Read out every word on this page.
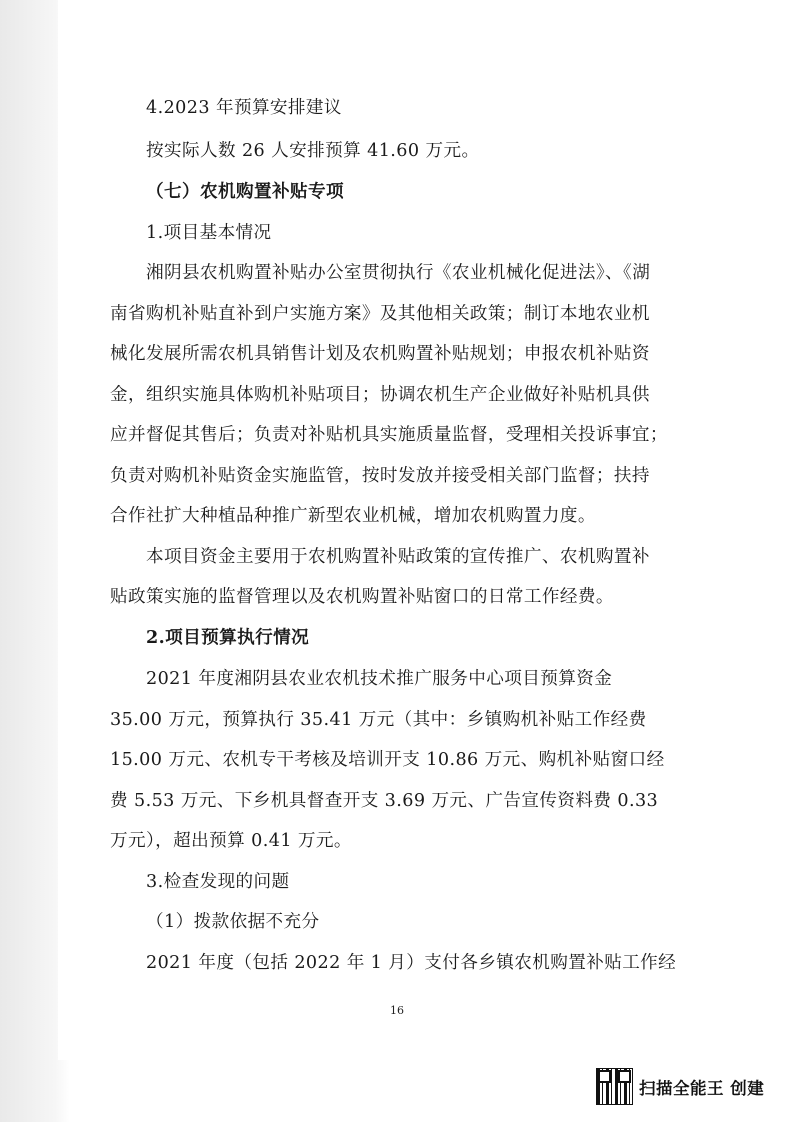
4.2023 年预算安排建议
按实际人数 26 人安排预算 41.60 万元。
（七）农机购置补贴专项
1.项目基本情况
湘阴县农机购置补贴办公室贯彻执行《农业机械化促进法》、《湖
南省购机补贴直补到户实施方案》及其他相关政策；制订本地农业机
械化发展所需农机具销售计划及农机购置补贴规划；申报农机补贴资
金，组织实施具体购机补贴项目；协调农机生产企业做好补贴机具供
应并督促其售后；负责对补贴机具实施质量监督，受理相关投诉事宜；
负责对购机补贴资金实施监管，按时发放并接受相关部门监督；扶持
合作社扩大种植品种推广新型农业机械，增加农机购置力度。
本项目资金主要用于农机购置补贴政策的宣传推广、农机购置补
贴政策实施的监督管理以及农机购置补贴窗口的日常工作经费。
2.项目预算执行情况
2021 年度湘阴县农业农机技术推广服务中心项目预算资金
35.00 万元，预算执行 35.41 万元（其中：乡镇购机补贴工作经费
15.00 万元、农机专干考核及培训开支 10.86 万元、购机补贴窗口经
费 5.53 万元、下乡机具督查开支 3.69 万元、广告宣传资料费 0.33
万元），超出预算 0.41 万元。
3.检查发现的问题
（1）拨款依据不充分
2021 年度（包括 2022 年 1 月）支付各乡镇农机购置补贴工作经
16
扫描全能王 创建
